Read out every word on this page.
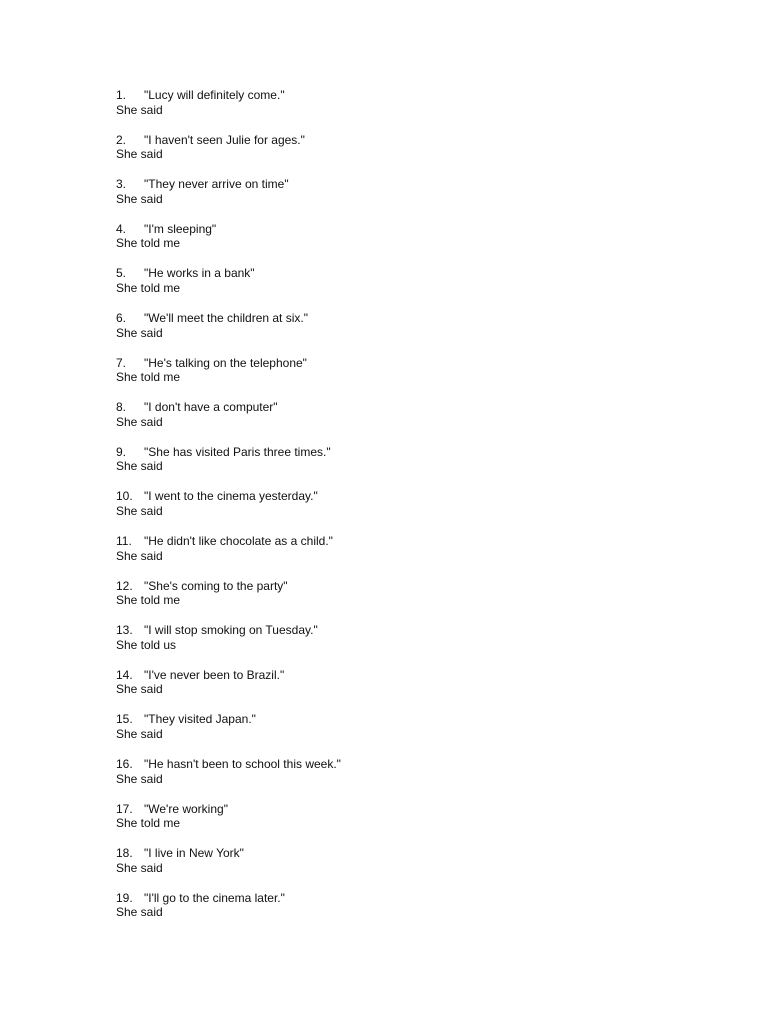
1. "Lucy will definitely come."
She said
2. "I haven't seen Julie for ages."
She said
3. "They never arrive on time"
She said
4. "I'm sleeping"
She told me
5. "He works in a bank"
She told me
6. "We'll meet the children at six."
She said
7. "He's talking on the telephone"
She told me
8. "I don't have a computer"
She said
9. "She has visited Paris three times."
She said
10. "I went to the cinema yesterday."
She said
11. "He didn't like chocolate as a child."
She said
12. "She's coming to the party"
She told me
13. "I will stop smoking on Tuesday."
She told us
14. "I've never been to Brazil."
She said
15. "They visited Japan."
She said
16. "He hasn't been to school this week."
She said
17. "We're working"
She told me
18. "I live in New York"
She said
19. "I'll go to the cinema later."
She said
